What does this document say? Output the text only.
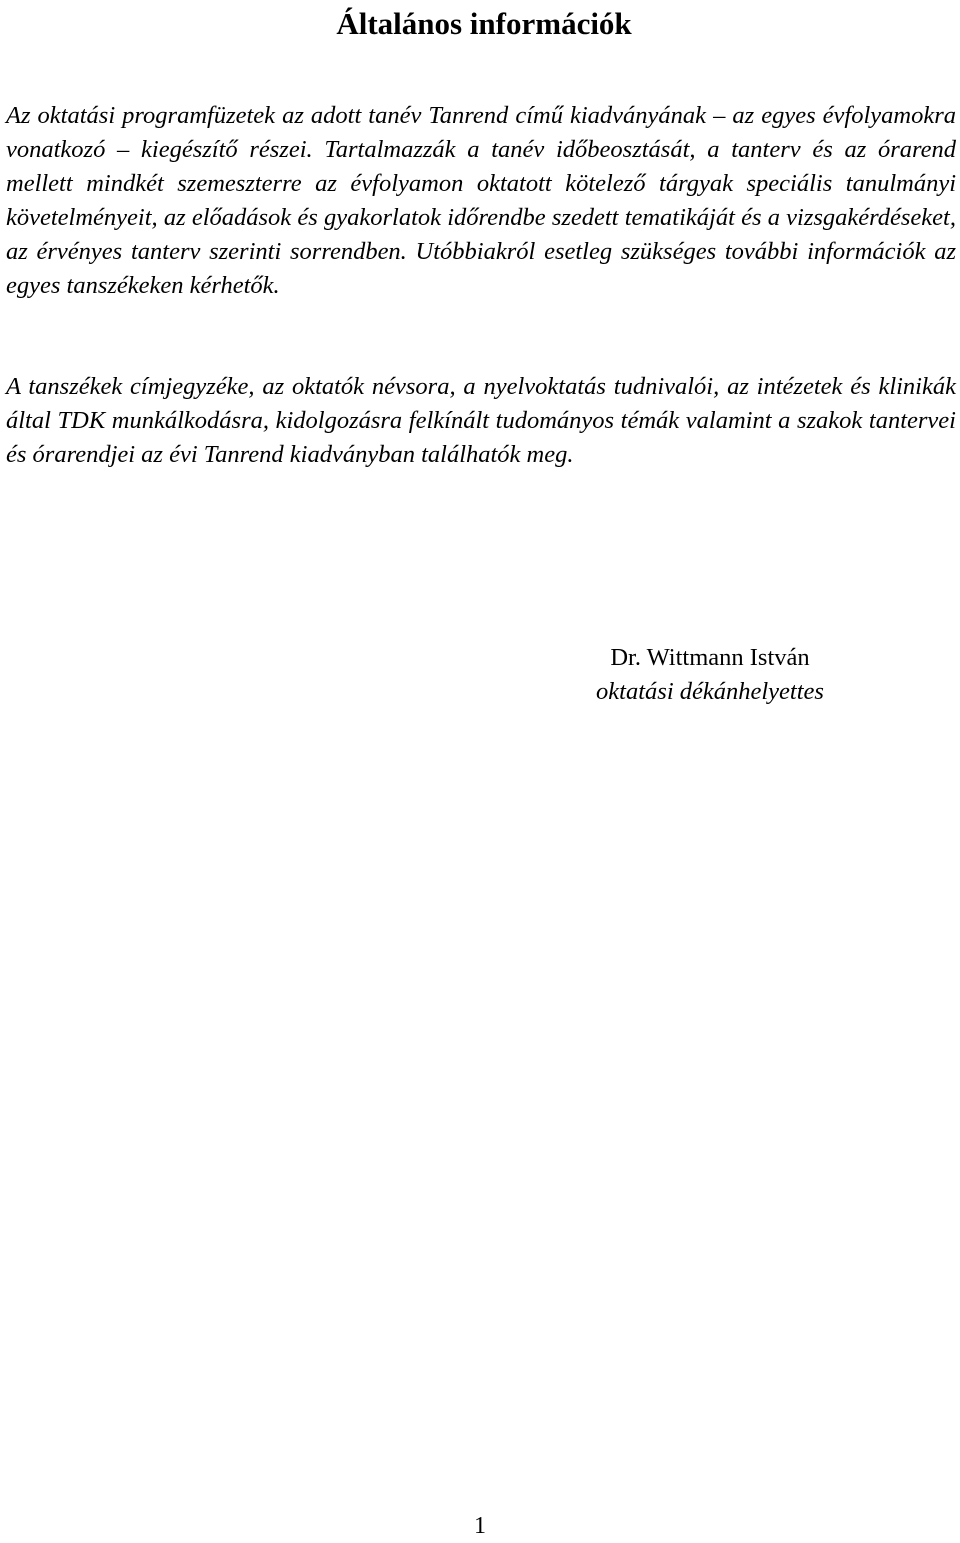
Általános információk

Az oktatási programfüzetek az adott tanév Tanrend című kiadványának – az egyes évfolyamokra vonatkozó – kiegészítő részei. Tartalmazzák a tanév időbeosztását, a tanterv és az órarend mellett mindkét szemeszterre az évfolyamon oktatott kötelező tárgyak speciális tanulmányi követelményeit, az előadások és gyakorlatok időrendbe szedett tematikáját és a vizsgakérdéseket, az érvényes tanterv szerinti sorrendben. Utóbbiakról esetleg szükséges további információk az egyes tanszékeken kérhetők.

A tanszékek címjegyzéke, az oktatók névsora, a nyelvoktatás tudnivalói, az intézetek és klinikák által TDK munkálkodásra, kidolgozásra felkínált tudományos témák valamint a szakok tantervei és órarendjei az évi Tanrend kiadványban találhatók meg.

Dr. Wittmann István
oktatási dékánhelyettes
1
